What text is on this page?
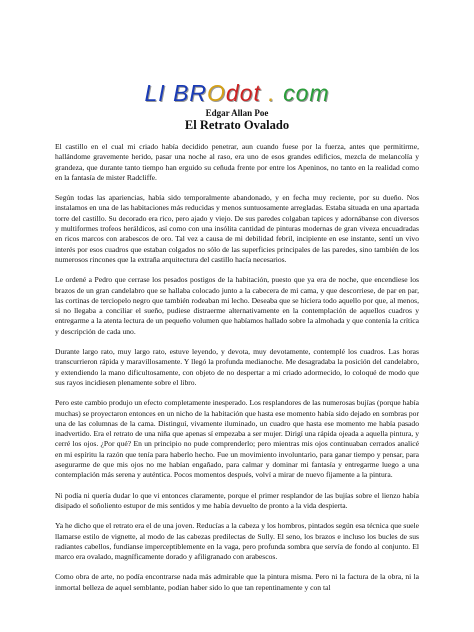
LI BROdot . com
Edgar Allan Poe
El Retrato Ovalado

El castillo en el cual mi criado había decidido penetrar, aun cuando fuese por la fuerza, antes que permitirme, hallándome gravemente herido, pasar una noche al raso, era uno de esos grandes edificios, mezcla de melancolía y grandeza, que durante tanto tiempo han erguido su ceñuda frente por entre los Apeninos, no tanto en la realidad como en la fantasía de mister Radcliffe.

Según todas las apariencias, había sido temporalmente abandonado, y en fecha muy reciente, por su dueño. Nos instalamos en una de las habitaciones más reducidas y menos suntuosamente arregladas. Estaba situada en una apartada torre del castillo. Su decorado era rico, pero ajado y viejo. De sus paredes colgaban tapices y adornábanse con diversos y multiformes trofeos heráldicos, así como con una insólita cantidad de pinturas modernas de gran viveza encuadradas en ricos marcos con arabescos de oro. Tal vez a causa de mi debilidad febril, incipiente en ese instante, sentí un vivo interés por esos cuadros que estaban colgados no sólo de las superficies principales de las paredes, sino también de los numerosos rincones que la extraña arquitectura del castillo hacía necesarios.

Le ordené a Pedro que cerrase los pesados postigos de la habitación, puesto que ya era de noche, que encendiese los brazos de un gran candelabro que se hallaba colocado junto a la cabecera de mi cama, y que descorriese, de par en par, las cortinas de terciopelo negro que también rodeaban mi lecho. Deseaba que se hiciera todo aquello por que, al menos, si no llegaba a conciliar el sueño, pudiese distraerme alternativamente en la contemplación de aquellos cuadros y entregarme a la atenta lectura de un pequeño volumen que habíamos hallado sobre la almohada y que contenía la crítica y descripción de cada uno.

Durante largo rato, muy largo rato, estuve leyendo, y devota, muy devotamente, contemplé los cuadros. Las horas transcurrieron rápida y maravillosamente. Y llegó la profunda medianoche. Me desagradaba la posición del candelabro, y extendiendo la mano dificultosamente, con objeto de no despertar a mi criado adormecido, lo coloqué de modo que sus rayos incidiesen plenamente sobre el libro.

Pero este cambio produjo un efecto completamente inesperado. Los resplandores de las numerosas bujías (porque había muchas) se proyectaron entonces en un nicho de la habitación que hasta ese momento había sido dejado en sombras por una de las columnas de la cama. Distinguí, vivamente iluminado, un cuadro que hasta ese momento me había pasado inadvertido. Era el retrato de una niña que apenas sí empezaba a ser mujer. Dirigí una rápida ojeada a aquella pintura, y cerré los ojos. ¿Por qué? En un principio no pude comprenderlo; pero mientras mis ojos continuaban cerrados analicé en mi espíritu la razón que tenía para haberlo hecho. Fue un movimiento involuntario, para ganar tiempo y pensar, para asegurarme de que mis ojos no me habían engañado, para calmar y dominar mi fantasía y entregarme luego a una contemplación más serena y auténtica. Pocos momentos después, volví a mirar de nuevo fijamente a la pintura.

Ni podía ni quería dudar lo que vi entonces claramente, porque el primer resplandor de las bujías sobre el lienzo había disipado el soñoliento estupor de mis sentidos y me había devuelto de pronto a la vida despierta.

Ya he dicho que el retrato era el de una joven. Reducías a la cabeza y los hombros, pintados según esa técnica que suele llamarse estilo de vignette, al modo de las cabezas predilectas de Sully. El seno, los brazos e incluso los bucles de sus radiantes cabellos, fundíanse imperceptiblemente en la vaga, pero profunda sombra que servía de fondo al conjunto. El marco era ovalado, magníficamente dorado y afiligranado con arabescos.

Como obra de arte, no podía encontrarse nada más admirable que la pintura misma. Pero ni la factura de la obra, ni la inmortal belleza de aquel semblante, podían haber sido lo que tan repentinamente y con tal
